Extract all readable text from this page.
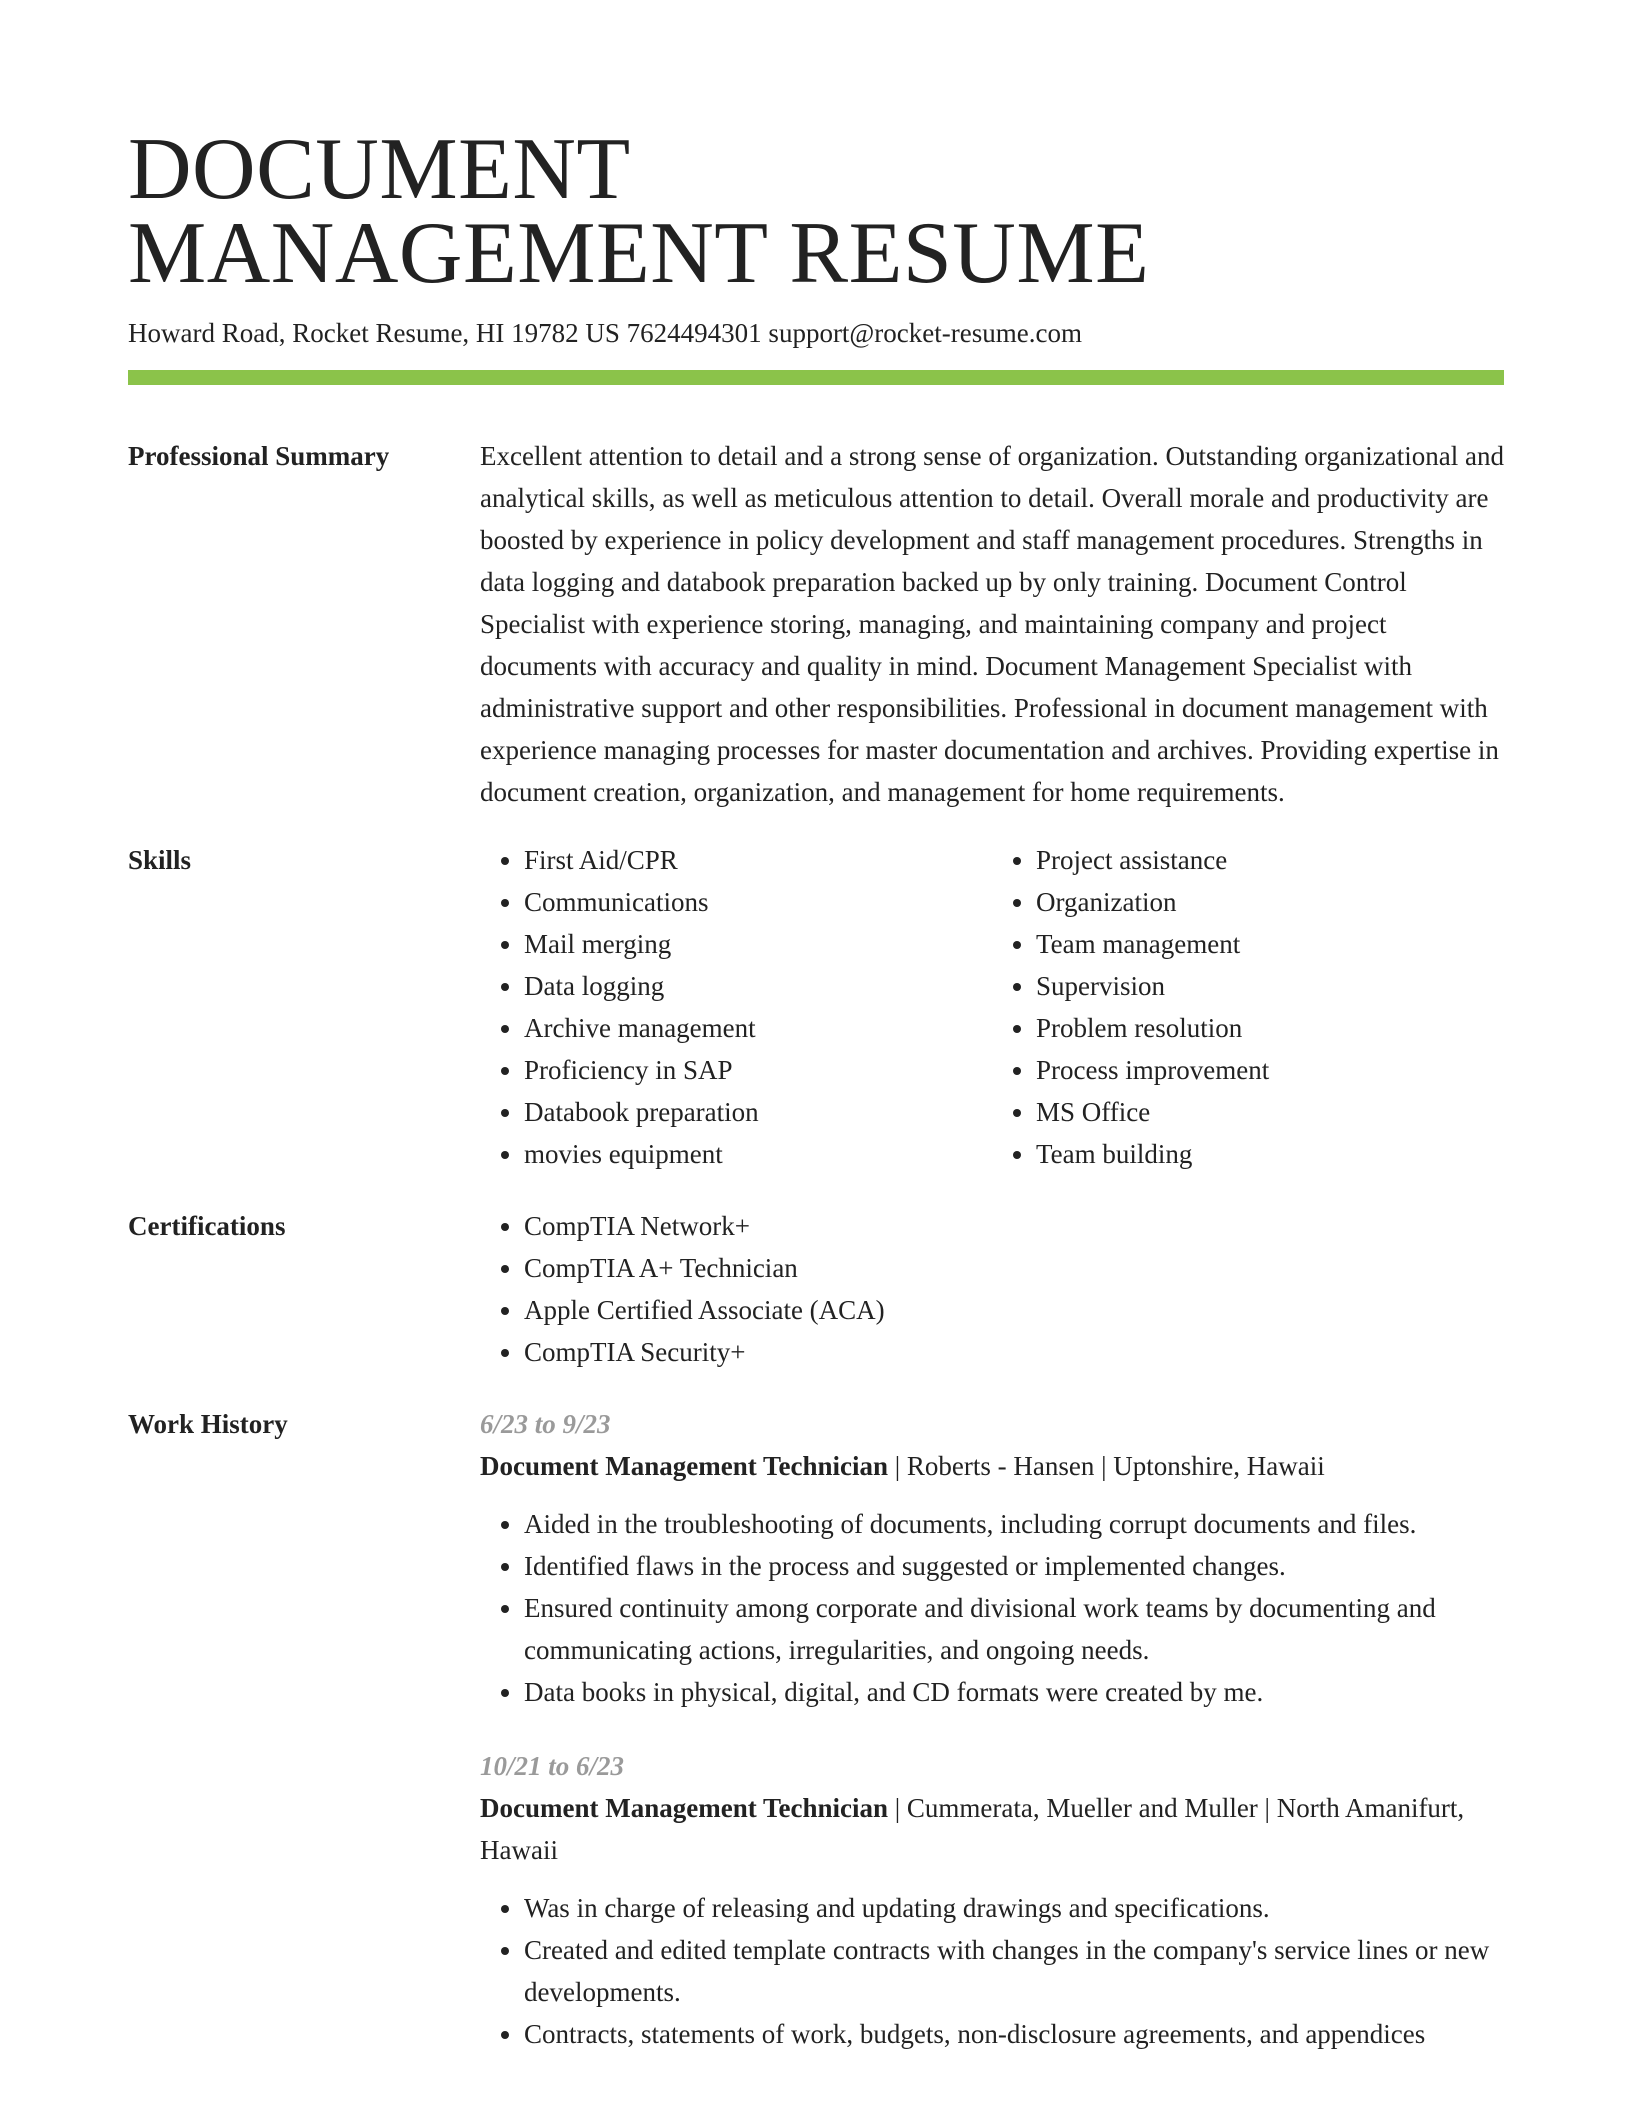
DOCUMENT
MANAGEMENT RESUME
Howard Road, Rocket Resume, HI 19782 US 7624494301 support@rocket-resume.com
Professional Summary	Excellent attention to detail and a strong sense of organization. Outstanding organizational and analytical skills, as well as meticulous attention to detail. Overall morale and productivity are boosted by experience in policy development and staff management procedures. Strengths in data logging and databook preparation backed up by only training. Document Control Specialist with experience storing, managing, and maintaining company and project documents with accuracy and quality in mind. Document Management Specialist with administrative support and other responsibilities. Professional in document management with experience managing processes for master documentation and archives. Providing expertise in document creation, organization, and management for home requirements.

Skills	• First Aid/CPR
• Communications
• Mail merging
• Data logging
• Archive management
• Proficiency in SAP
• Databook preparation
• movies equipment
• Project assistance
• Organization
• Team management
• Supervision
• Problem resolution
• Process improvement
• MS Office
• Team building
Certifications	• CompTIA Network+
• CompTIA A+ Technician
• Apple Certified Associate (ACA)
• CompTIA Security+
Work History	6/23 to 9/23
Document Management Technician | Roberts - Hansen | Uptonshire, Hawaii
• Aided in the troubleshooting of documents, including corrupt documents and files.
• Identified flaws in the process and suggested or implemented changes.
• Ensured continuity among corporate and divisional work teams by documenting and communicating actions, irregularities, and ongoing needs.
• Data books in physical, digital, and CD formats were created by me.
10/21 to 6/23
Document Management Technician | Cummerata, Mueller and Muller | North Amanifurt, Hawaii
• Was in charge of releasing and updating drawings and specifications.
• Created and edited template contracts with changes in the company's service lines or new developments.
• Contracts, statements of work, budgets, non-disclosure agreements, and appendices
